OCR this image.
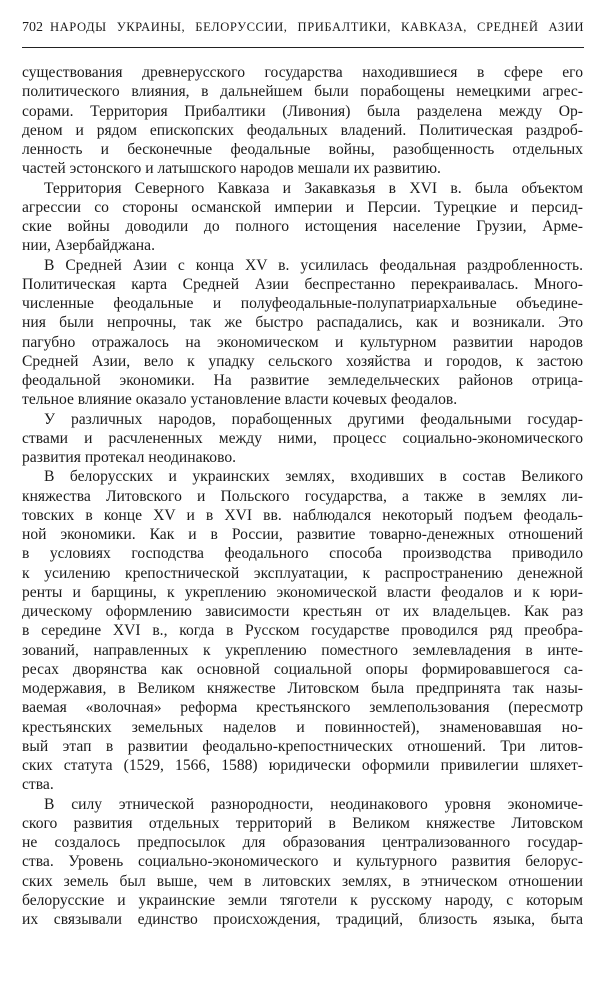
702 НАРОДЫ УКРАИНЫ, БЕЛОРУССИИ, ПРИБАЛТИКИ, КАВКАЗА, СРЕДНЕЙ АЗИИ
существования древнерусского государства находившиеся в сфере его
политического влияния, в дальнейшем были порабощены немецкими агрес-
сорами. Территория Прибалтики (Ливония) была разделена между Ор-
деном и рядом епископских феодальных владений. Политическая раздроб-
ленность и бесконечные феодальные войны, разобщенность отдельных
частей эстонского и латышского народов мешали их развитию.
Территория Северного Кавказа и Закавказья в XVI в. была объектом
агрессии со стороны османской империи и Персии. Турецкие и персид-
ские войны доводили до полного истощения население Грузии, Арме-
нии, Азербайджана.
В Средней Азии с конца XV в. усилилась феодальная раздробленность.
Политическая карта Средней Азии беспрестанно перекраивалась. Много-
численные феодальные и полуфеодальные-полупатриархальные объедине-
ния были непрочны, так же быстро распадались, как и возникали. Это
пагубно отражалось на экономическом и культурном развитии народов
Средней Азии, вело к упадку сельского хозяйства и городов, к застою
феодальной экономики. На развитие земледельческих районов отрица-
тельное влияние оказало установление власти кочевых феодалов.
У различных народов, порабощенных другими феодальными государ-
ствами и расчлененных между ними, процесс социально-экономического
развития протекал неодинаково.
В белорусских и украинских землях, входивших в состав Великого
княжества Литовского и Польского государства, а также в землях ли-
товских в конце XV и в XVI вв. наблюдался некоторый подъем феодаль-
ной экономики. Как и в России, развитие товарно-денежных отношений
в условиях господства феодального способа производства приводило
к усилению крепостнической эксплуатации, к распространению денежной
ренты и барщины, к укреплению экономической власти феодалов и к юри-
дическому оформлению зависимости крестьян от их владельцев. Как раз
в середине XVI в., когда в Русском государстве проводился ряд преобра-
зований, направленных к укреплению поместного землевладения в инте-
ресах дворянства как основной социальной опоры формировавшегося са-
модержавия, в Великом княжестве Литовском была предпринята так назы-
ваемая «волочная» реформа крестьянского землепользования (пересмотр
крестьянских земельных наделов и повинностей), знаменовавшая но-
вый этап в развитии феодально-крепостнических отношений. Три литов-
ских статута (1529, 1566, 1588) юридически оформили привилегии шляхет-
ства.
В силу этнической разнородности, неодинакового уровня экономиче-
ского развития отдельных территорий в Великом княжестве Литовском
не создалось предпосылок для образования централизованного государ-
ства. Уровень социально-экономического и культурного развития белорус-
ских земель был выше, чем в литовских землях, в этническом отношении
белорусские и украинские земли тяготели к русскому народу, с которым
их связывали единство происхождения, традиций, близость языка, быта
